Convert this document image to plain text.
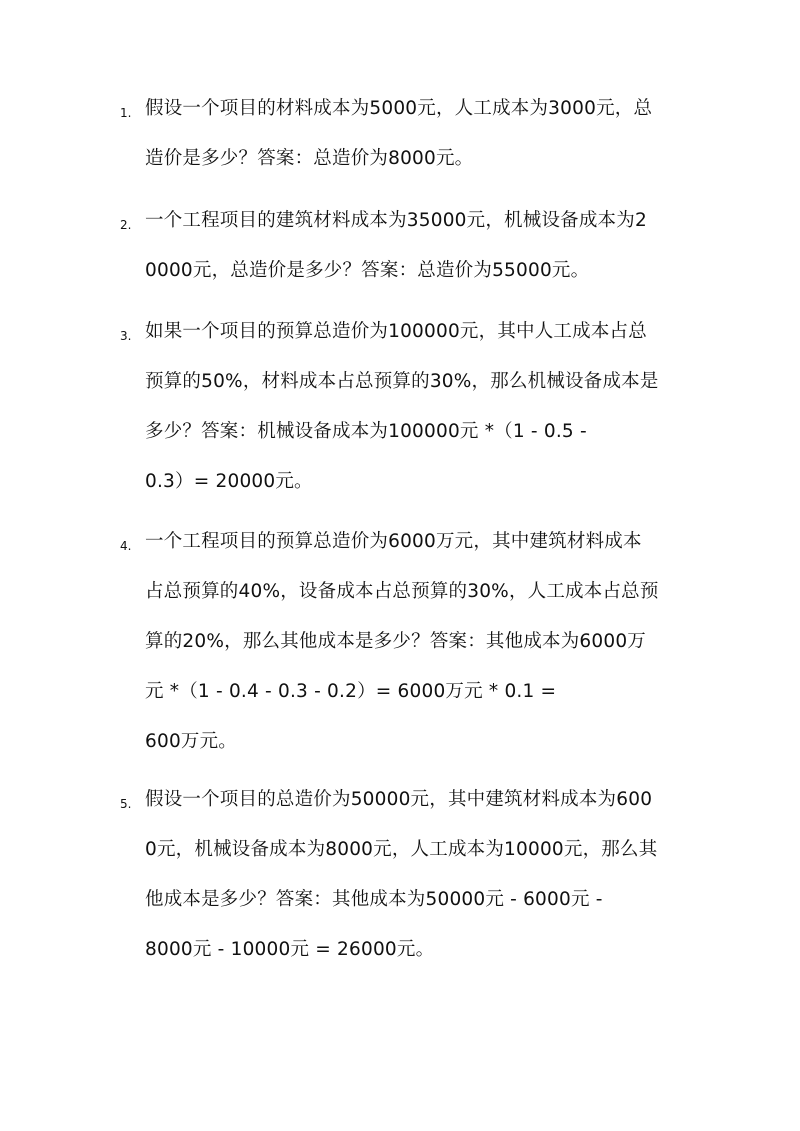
1. 假设一个项目的材料成本为5000元，人工成本为3000元，总
造价是多少？答案：总造价为8000元。
2. 一个工程项目的建筑材料成本为35000元，机械设备成本为2
0000元，总造价是多少？答案：总造价为55000元。
3. 如果一个项目的预算总造价为100000元，其中人工成本占总
预算的50%，材料成本占总预算的30%，那么机械设备成本是
多少？答案：机械设备成本为100000元 *（1 - 0.5 -
0.3）= 20000元。
4. 一个工程项目的预算总造价为6000万元，其中建筑材料成本
占总预算的40%，设备成本占总预算的30%，人工成本占总预
算的20%，那么其他成本是多少？答案：其他成本为6000万
元 *（1 - 0.4 - 0.3 - 0.2）= 6000万元 * 0.1 =
600万元。
5. 假设一个项目的总造价为50000元，其中建筑材料成本为600
0元，机械设备成本为8000元，人工成本为10000元，那么其
他成本是多少？答案：其他成本为50000元 - 6000元 -
8000元 - 10000元 = 26000元。
